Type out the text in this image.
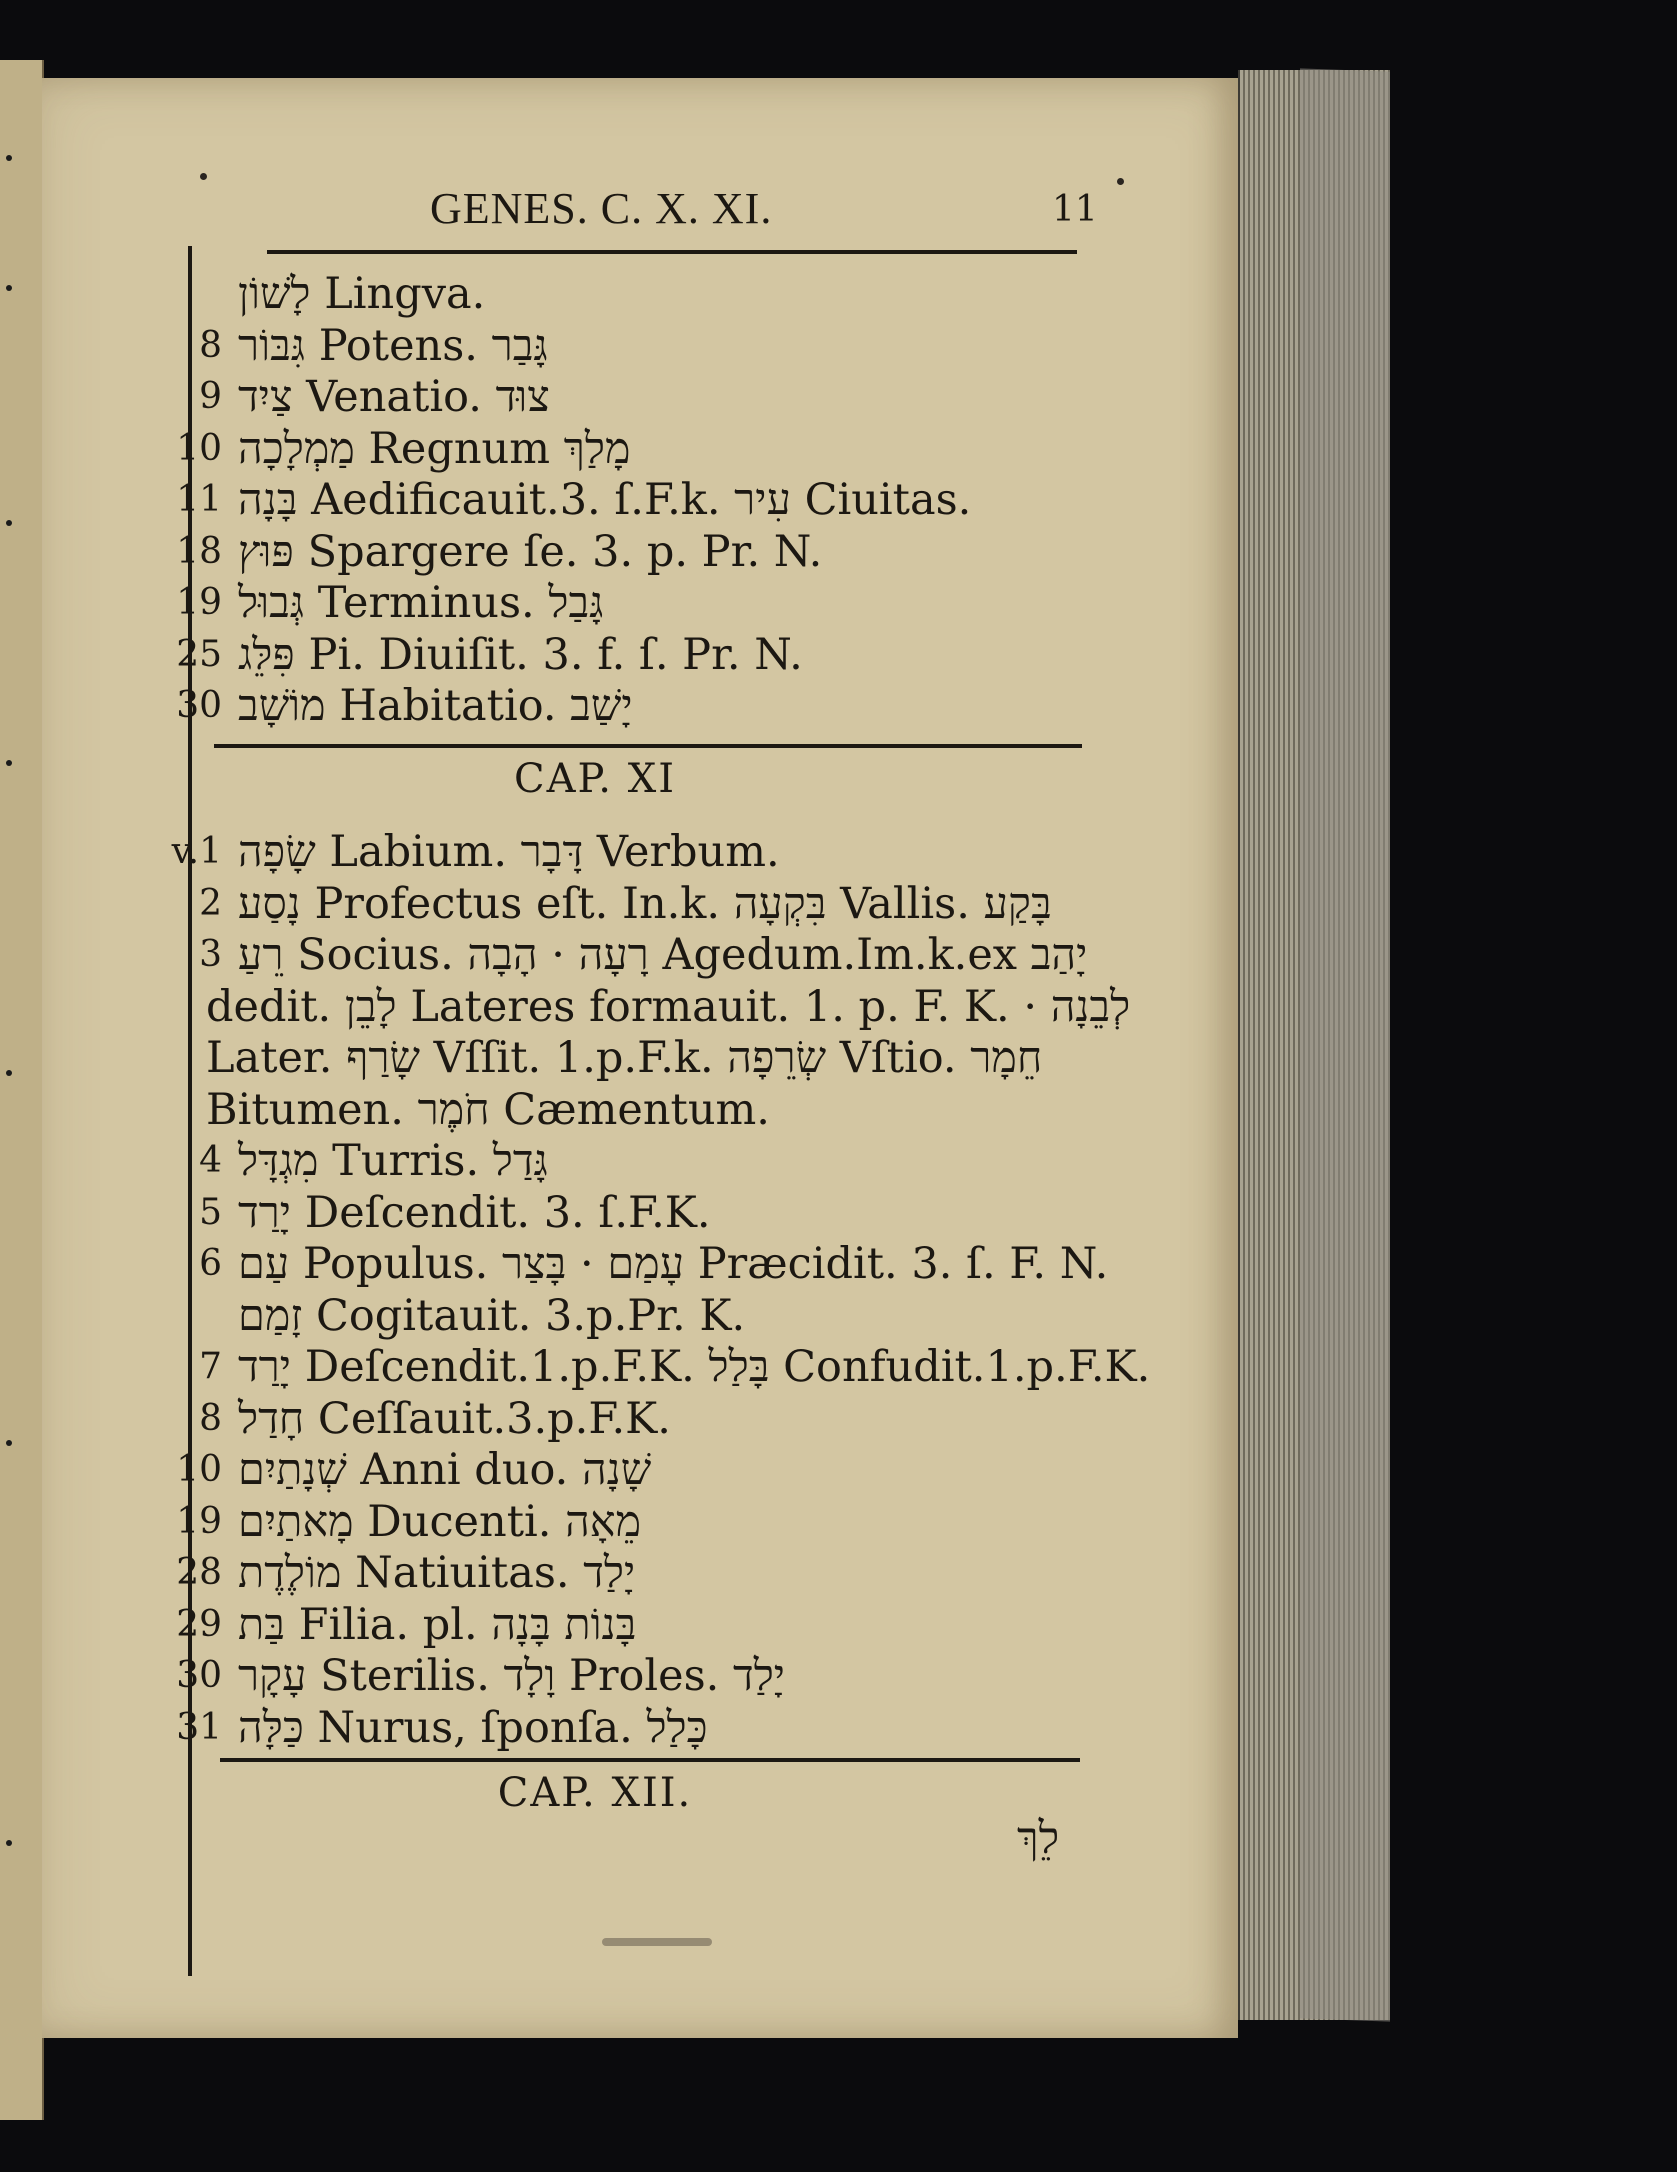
GENES. C. X. XI.	11
לָשׁוֹן Lingva.
8 גִּבּוֹר Potens. גָּבַר
9 צַיִד Venatio. צוּד
10 מַמְלָכָה Regnum מָלַךְ
11 בָּנָה Aedificauit.3. ſ.F.k. עִיר Ciuitas.
18 פּוּץ Spargere ſe. 3. p. Pr. N.
19 גְּבוּל Terminus. גָּבַל
25 פִּלֵּג Pi. Diuiſit. 3. f. ſ. Pr. N.
30 מוֹשָׁב Habitatio. יָשַׁב
CAP. XI
v.1 שָׂפָה Labium. דָּבָר Verbum.
2 נָסַע Profectus eſt. In.k. בִּקְעָה Vallis. בָּקַע
3 רֵעַ Socius. רָעָה · הָבָה Agedum.Im.k.ex יָהַב
dedit. לָבֵן Lateres formauit. 1. p. F. K. · לְבֵנָה
Later. שָׂרַף Vſſit. 1.p.F.k. שְׂרֵפָה Vſtio. חֵמָר
Bitumen. חֹמֶר Cæmentum.
4 מִגְדָּל Turris. גָּדַל
5 יָרַד Deſcendit. 3. ſ.F.K.
6 עַם Populus. עָמַם · בָּצַר Præcidit. 3. ſ. F. N.
זָמַם Cogitauit. 3.p.Pr. K.
7 יָרַד Deſcendit.1.p.F.K. בָּלַל Confudit.1.p.F.K.
8 חָדַל Ceſſauit.3.p.F.K.
10 שְׁנָתַיִם Anni duo. שָׁנָה
19 מָאתַיִם Ducenti. מֵאָה
28 מוֹלֶדֶת Natiuitas. יָלַד
29 בַּת Filia. pl. בָּנוֹת בָּנָה
30 עָקָר Sterilis. וָלָד Proles. יָלַד
31 כַּלָּה Nurus, ſponſa. כָּלַל
CAP. XII.
לֵךְ
